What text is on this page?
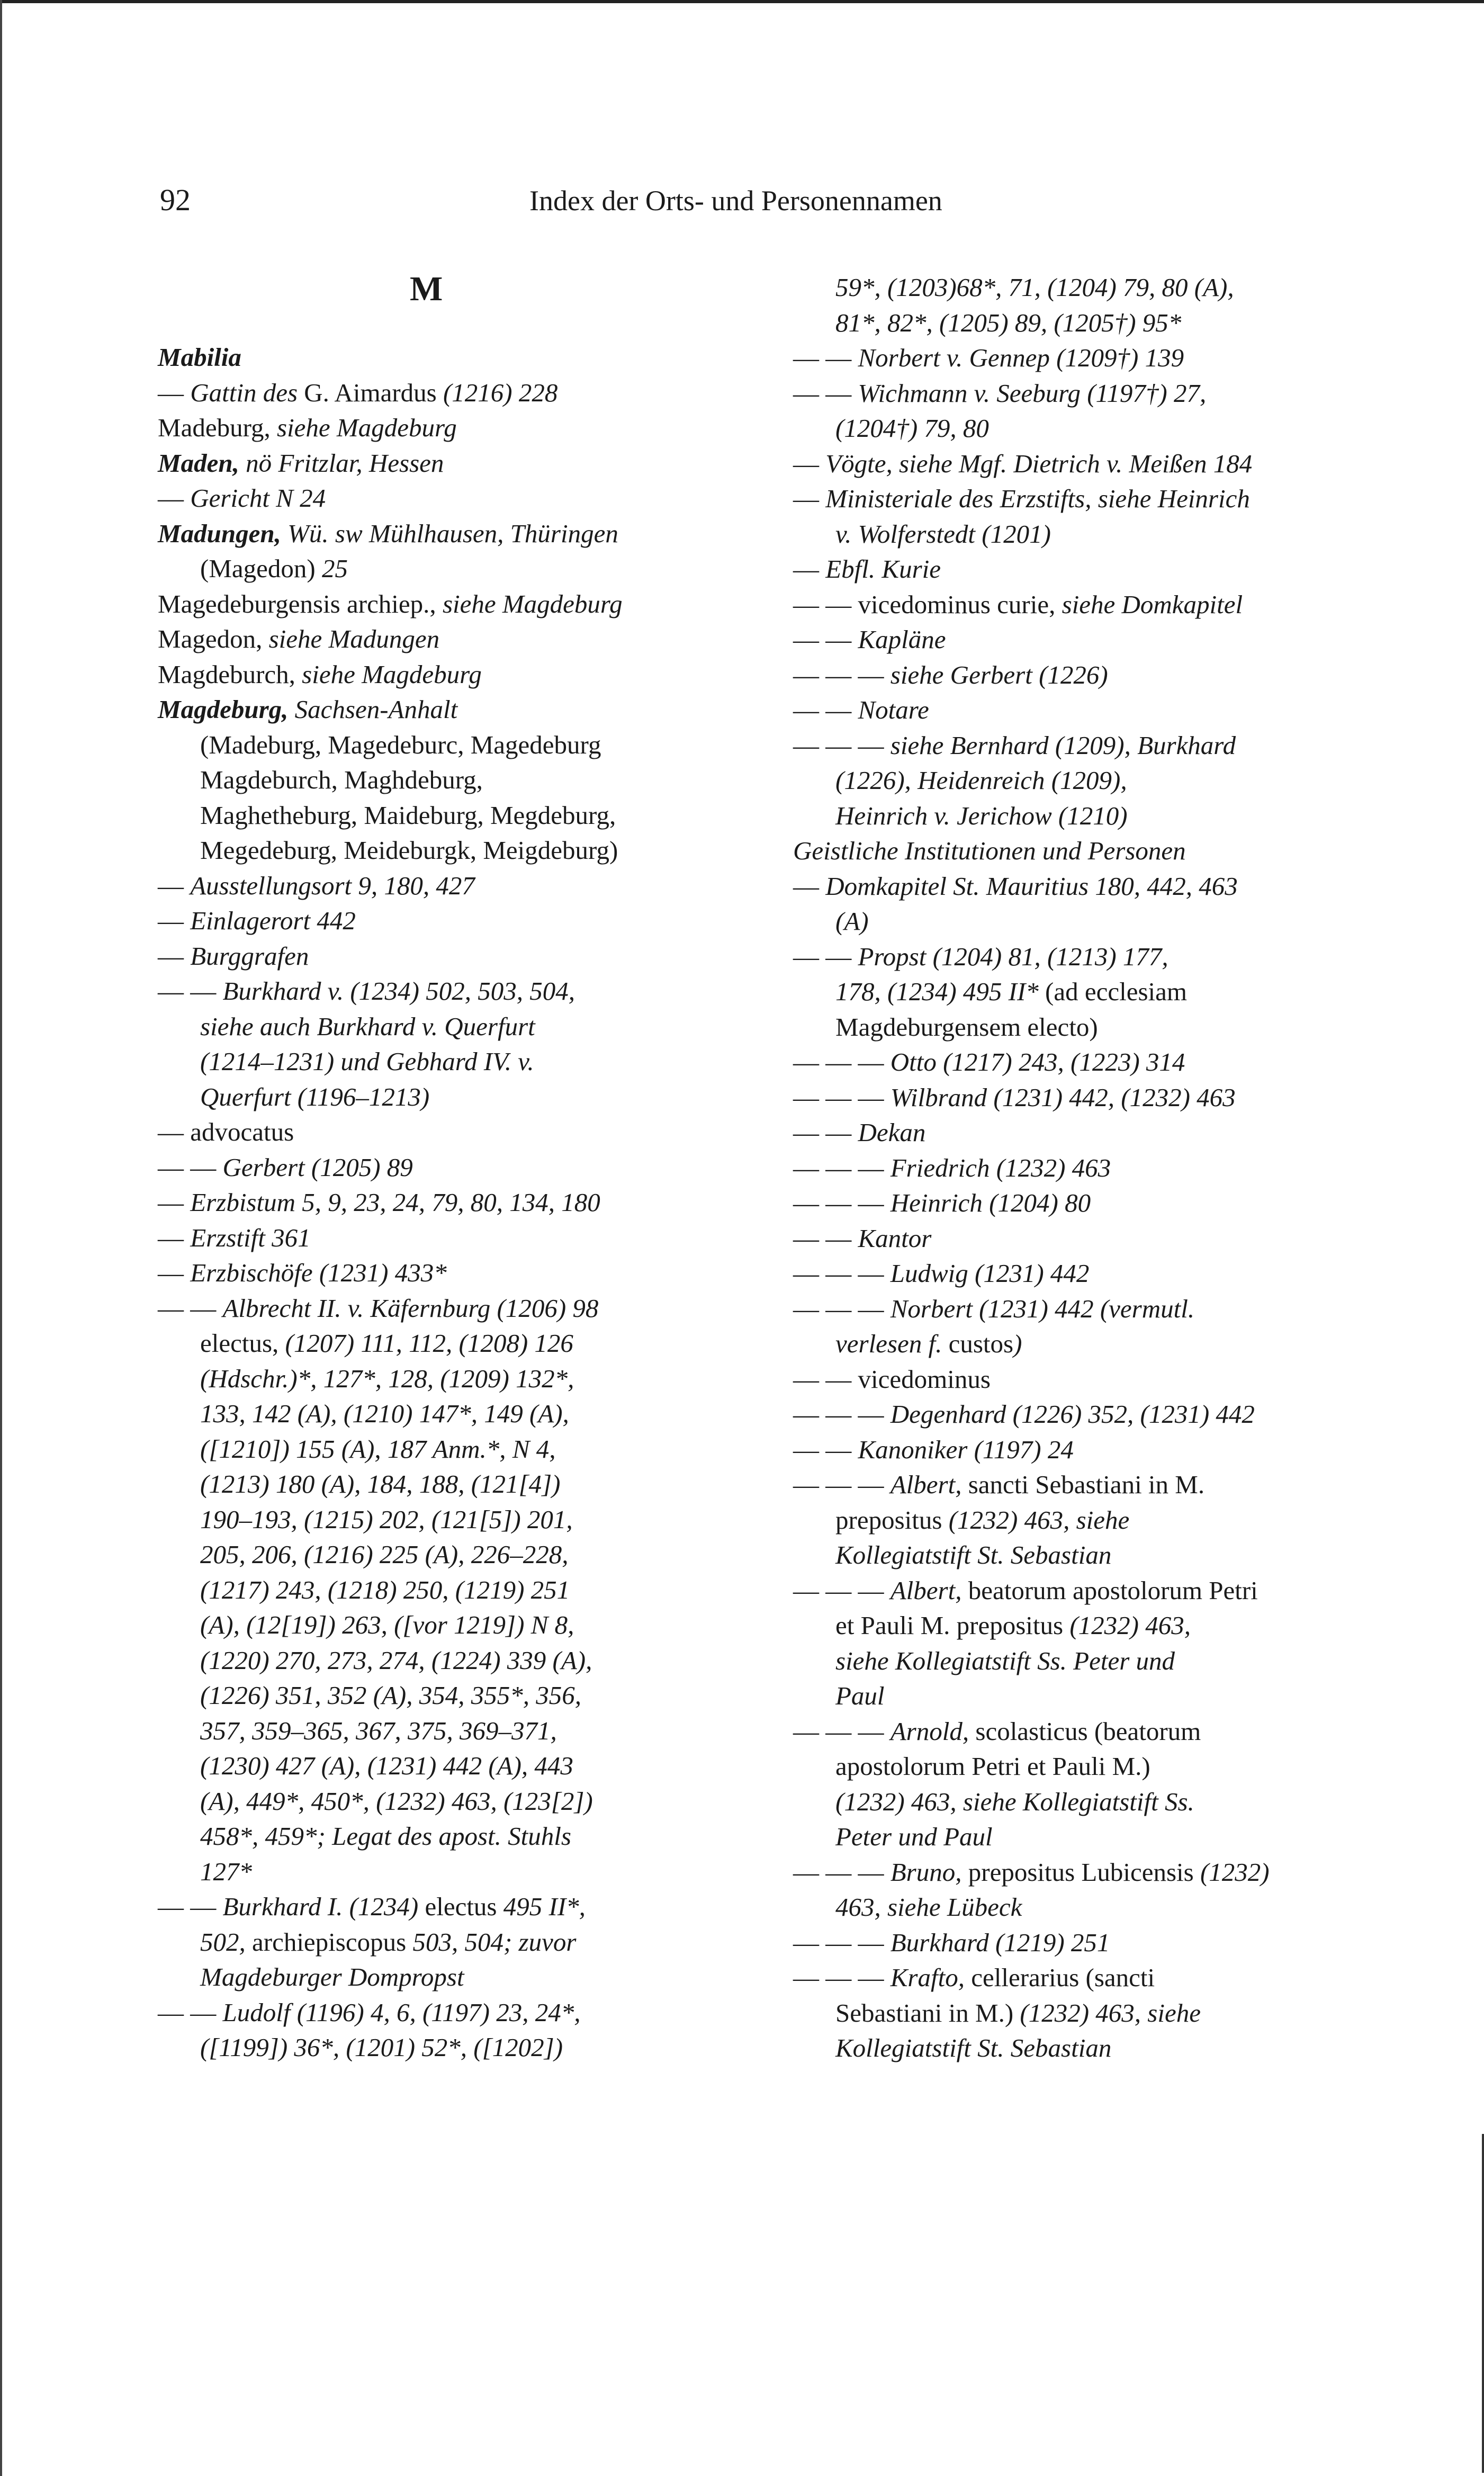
92	Index der Orts- und Personennamen
M
Mabilia
— Gattin des G. Aimardus (1216) 228
Madeburg, siehe Magdeburg
Maden, nö Fritzlar, Hessen
— Gericht N 24
Madungen, Wü. sw Mühlhausen, Thüringen
(Magedon) 25
Magedeburgensis archiep., siehe Magdeburg
Magedon, siehe Madungen
Magdeburch, siehe Magdeburg
Magdeburg, Sachsen-Anhalt
(Madeburg, Magedeburc, Magedeburg
Magdeburch, Maghdeburg,
Maghetheburg, Maideburg, Megdeburg,
Megedeburg, Meideburgk, Meigdeburg)
— Ausstellungsort 9, 180, 427
— Einlagerort 442
— Burggrafen
— — Burkhard v. (1234) 502, 503, 504,
siehe auch Burkhard v. Querfurt
(1214–1231) und Gebhard IV. v.
Querfurt (1196–1213)
— advocatus
— — Gerbert (1205) 89
— Erzbistum 5, 9, 23, 24, 79, 80, 134, 180
— Erzstift 361
— Erzbischöfe (1231) 433*
— — Albrecht II. v. Käfernburg (1206) 98
electus, (1207) 111, 112, (1208) 126
(Hdschr.)*, 127*, 128, (1209) 132*,
133, 142 (A), (1210) 147*, 149 (A),
([1210]) 155 (A), 187 Anm.*, N 4,
(1213) 180 (A), 184, 188, (121[4])
190–193, (1215) 202, (121[5]) 201,
205, 206, (1216) 225 (A), 226–228,
(1217) 243, (1218) 250, (1219) 251
(A), (12[19]) 263, ([vor 1219]) N 8,
(1220) 270, 273, 274, (1224) 339 (A),
(1226) 351, 352 (A), 354, 355*, 356,
357, 359–365, 367, 375, 369–371,
(1230) 427 (A), (1231) 442 (A), 443
(A), 449*, 450*, (1232) 463, (123[2])
458*, 459*; Legat des apost. Stuhls
127*
— — Burkhard I. (1234) electus 495 II*,
502, archiepiscopus 503, 504; zuvor
Magdeburger Dompropst
— — Ludolf (1196) 4, 6, (1197) 23, 24*,
([1199]) 36*, (1201) 52*, ([1202])
59*, (1203)68*, 71, (1204) 79, 80 (A),
81*, 82*, (1205) 89, (1205†) 95*
— — Norbert v. Gennep (1209†) 139
— — Wichmann v. Seeburg (1197†) 27,
(1204†) 79, 80
— Vögte, siehe Mgf. Dietrich v. Meißen 184
— Ministeriale des Erzstifts, siehe Heinrich
v. Wolferstedt (1201)
— Ebfl. Kurie
— — vicedominus curie, siehe Domkapitel
— — Kapläne
— — — siehe Gerbert (1226)
— — Notare
— — — siehe Bernhard (1209), Burkhard
(1226), Heidenreich (1209),
Heinrich v. Jerichow (1210)
Geistliche Institutionen und Personen
— Domkapitel St. Mauritius 180, 442, 463
(A)
— — Propst (1204) 81, (1213) 177,
178, (1234) 495 II* (ad ecclesiam
Magdeburgensem electo)
— — — Otto (1217) 243, (1223) 314
— — — Wilbrand (1231) 442, (1232) 463
— — Dekan
— — — Friedrich (1232) 463
— — — Heinrich (1204) 80
— — Kantor
— — — Ludwig (1231) 442
— — — Norbert (1231) 442 (vermutl.
verlesen f. custos)
— — vicedominus
— — — Degenhard (1226) 352, (1231) 442
— — Kanoniker (1197) 24
— — — Albert, sancti Sebastiani in M.
prepositus (1232) 463, siehe
Kollegiatstift St. Sebastian
— — — Albert, beatorum apostolorum Petri
et Pauli M. prepositus (1232) 463,
siehe Kollegiatstift Ss. Peter und
Paul
— — — Arnold, scolasticus (beatorum
apostolorum Petri et Pauli M.)
(1232) 463, siehe Kollegiatstift Ss.
Peter und Paul
— — — Bruno, prepositus Lubicensis (1232)
463, siehe Lübeck
— — — Burkhard (1219) 251
— — — Krafto, cellerarius (sancti
Sebastiani in M.) (1232) 463, siehe
Kollegiatstift St. Sebastian
